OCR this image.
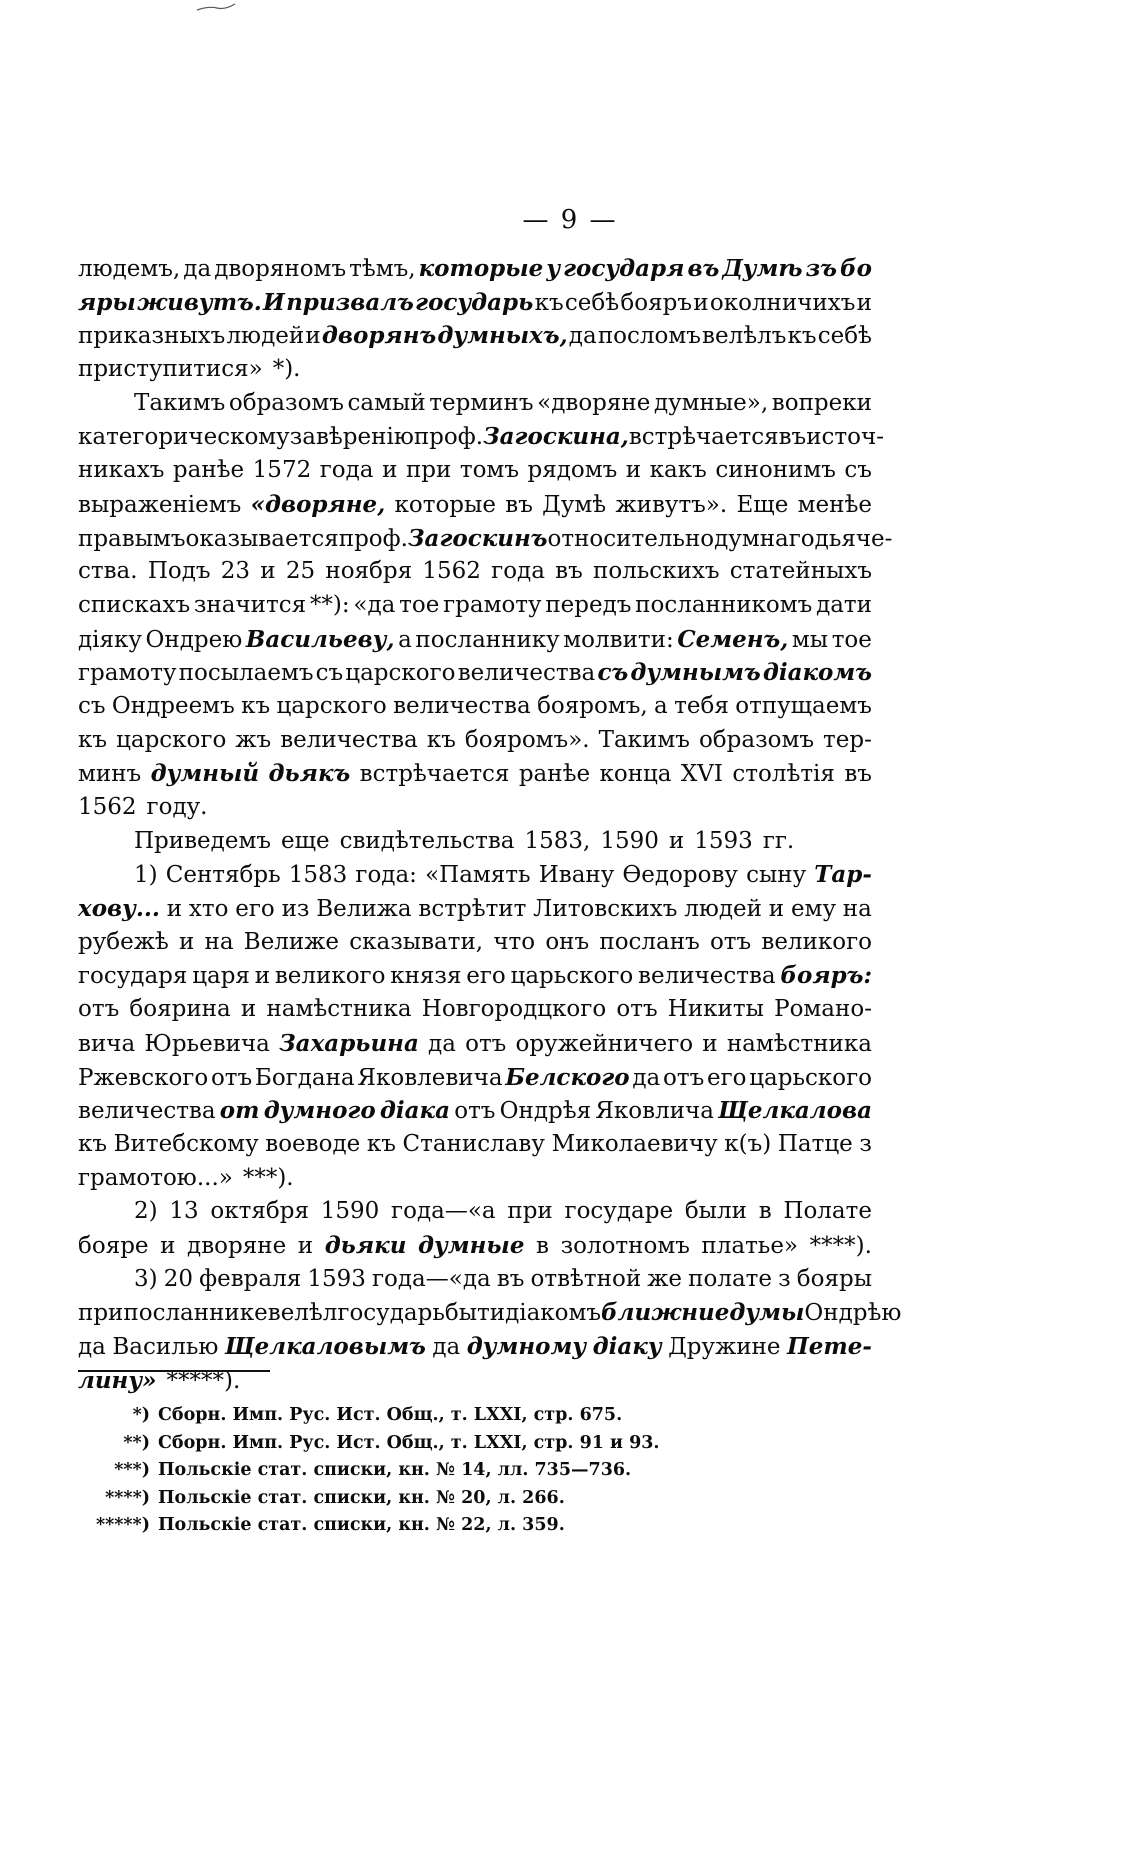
— 9 —
людемъ, да дворяномъ тѣмъ, которые у государя въ Думѣ зъ бо
яры живутъ. И призвалъ государь къ себѣ бояръ и околничихъ и
приказныхъ людей и дворянъ думныхъ, да посломъ велѣлъ къ себѣ
приступитися» *).
Такимъ образомъ самый терминъ «дворяне думные», вопреки
категорическому завѣренію проф. Загоскина, встрѣчается въ источ-
никахъ ранѣе 1572 года и при томъ рядомъ и какъ синонимъ съ
выраженіемъ «дворяне, которые въ Думѣ живутъ». Еще менѣе
правымъ оказывается проф. Загоскинъ относительно думнаго дьяче-
ства. Подъ 23 и 25 ноября 1562 года въ польскихъ статейныхъ
спискахъ значится **): «да тое грамоту передъ посланникомъ дати
діяку Ондрею Васильеву, а посланнику молвити: Семенъ, мы тое
грамоту посылаемъ съ царского величества съ думнымъ діакомъ
съ Ондреемъ къ царского величества бояромъ, а тебя отпущаемъ
къ царского жъ величества къ бояромъ». Такимъ образомъ тер-
минъ думный дьякъ встрѣчается ранѣе конца XVI столѣтія въ
1562 году.
Приведемъ еще свидѣтельства 1583, 1590 и 1593 гг.
1) Сентябрь 1583 года: «Память Ивану Ѳедорову сыну Тар-
хову... и хто его из Велижа встрѣтит Литовскихъ людей и ему на
рубежѣ и на Велиже сказывати, что онъ посланъ отъ великого
государя царя и великого князя его царьского величества бояръ:
отъ боярина и намѣстника Новгородцкого отъ Никиты Романо-
вича Юрьевича Захарьина да отъ оружейничего и намѣстника
Ржевского отъ Богдана Яковлевича Белского да отъ его царьского
величества от думного діака отъ Ондрѣя Яковлича Щелкалова
къ Витебскому воеводе къ Станиславу Миколаевичу к(ъ) Патце з
грамотою...» ***).
2) 13 октября 1590 года—«а при государе были в Полате
бояре и дворяне и дьяки думные в золотномъ платье» ****).
3) 20 февраля 1593 года—«да въ отвѣтной же полате з бояры
при посланнике велѣл государь быти діакомъ ближние думы Ондрѣю
да Василью Щелкаловымъ да думному діаку Дружине Пете-
лину» *****).
*) Сборн. Имп. Рус. Ист. Общ., т. LXXI, стр. 675.
**) Сборн. Имп. Рус. Ист. Общ., т. LXXI, стр. 91 и 93.
***) Польскіе стат. списки, кн. № 14, лл. 735—736.
****) Польскіе стат. списки, кн. № 20, л. 266.
*****) Польскіе стат. списки, кн. № 22, л. 359.
